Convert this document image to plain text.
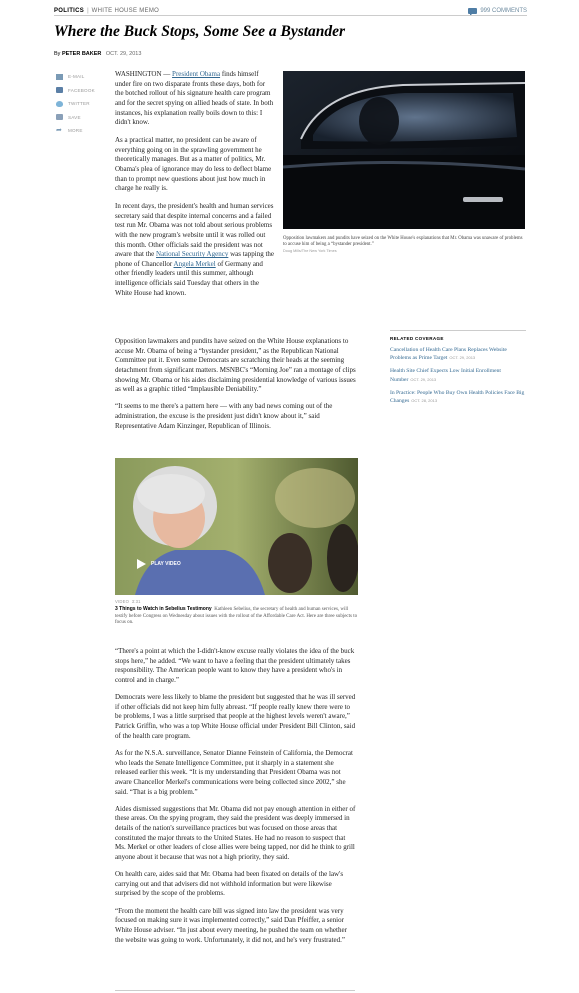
POLITICS | WHITE HOUSE MEMO	999 COMMENTS
Where the Buck Stops, Some See a Bystander
By PETER BAKER OCT. 29, 2013
E-MAIL
FACEBOOK
TWITTER
SAVE
➦ MORE

WASHINGTON — President Obama finds himself under fire on two disparate fronts these days, both for the botched rollout of his signature health care program and for the secret spying on allied heads of state. In both instances, his explanation really boils down to this: I didn't know.

As a practical matter, no president can be aware of everything going on in the sprawling government he theoretically manages. But as a matter of politics, Mr. Obama's plea of ignorance may do less to deflect blame than to prompt new questions about just how much in charge he really is.

In recent days, the president's health and human services secretary said that despite internal concerns and a failed test run Mr. Obama was not told about serious problems with the new program's website until it was rolled out this month. Other officials said the president was not aware that the National Security Agency was tapping the phone of Chancellor Angela Merkel of Germany and other friendly leaders until this summer, although intelligence officials said Tuesday that others in the White House had known.

Opposition lawmakers and pundits have seized on the White House explanations to accuse Mr. Obama of being a “bystander president,” as the Republican National Committee put it. Even some Democrats are scratching their heads at the seeming detachment from significant matters. MSNBC's “Morning Joe” ran a montage of clips showing Mr. Obama or his aides disclaiming presidential knowledge of various issues as well as a graphic titled “Implausible Deniability.”

“It seems to me there's a pattern here — with any bad news coming out of the administration, the excuse is the president just didn't know about it,” said Representative Adam Kinzinger, Republican of Illinois.

Opposition lawmakers and pundits have seized on the White House's explanations that Mr. Obama was unaware of problems to accuse him of being a “bystander president.”
Doug Mills/The New York Times
RELATED COVERAGE
Cancellation of Health Care Plans Replaces Website Problems as Prime Target OCT. 29, 2013
Health Site Chief Expects Low Initial Enrollment Number OCT. 29, 2013
In Practice: People Who Buy Own Health Policies Face Big Changes OCT. 28, 2013
PLAY VIDEO
VIDEO 3:31
3 Things to Watch in Sebelius Testimony Kathleen Sebelius, the secretary of health and human services, will testify before Congress on Wednesday about issues with the rollout of the Affordable Care Act. Here are three subjects to focus on.

“There's a point at which the I-didn't-know excuse really violates the idea of the buck stops here,” he added. “We want to have a feeling that the president ultimately takes responsibility. The American people want to know they have a president who's in control and in charge.”

Democrats were less likely to blame the president but suggested that he was ill served if other officials did not keep him fully abreast. “If people really knew there were to be problems, I was a little surprised that people at the highest levels weren't aware,” Patrick Griffin, who was a top White House official under President Bill Clinton, said of the health care program.

As for the N.S.A. surveillance, Senator Dianne Feinstein of California, the Democrat who leads the Senate Intelligence Committee, put it sharply in a statement she released earlier this week. “It is my understanding that President Obama was not aware Chancellor Merkel's communications were being collected since 2002,” she said. “That is a big problem.”

Aides dismissed suggestions that Mr. Obama did not pay enough attention in either of these areas. On the spying program, they said the president was deeply immersed in details of the nation's surveillance practices but was focused on those areas that constituted the major threats to the United States. He had no reason to suspect that Ms. Merkel or other leaders of close allies were being tapped, nor did he think to grill anyone about it because that was not a high priority, they said.

On health care, aides said that Mr. Obama had been fixated on details of the law's carrying out and that advisers did not withhold information but were likewise surprised by the scope of the problems.

“From the moment the health care bill was signed into law the president was very focused on making sure it was implemented correctly,” said Dan Pfeiffer, a senior White House adviser. “In just about every meeting, he pushed the team on whether the website was going to work. Unfortunately, it did not, and he's very frustrated.”
